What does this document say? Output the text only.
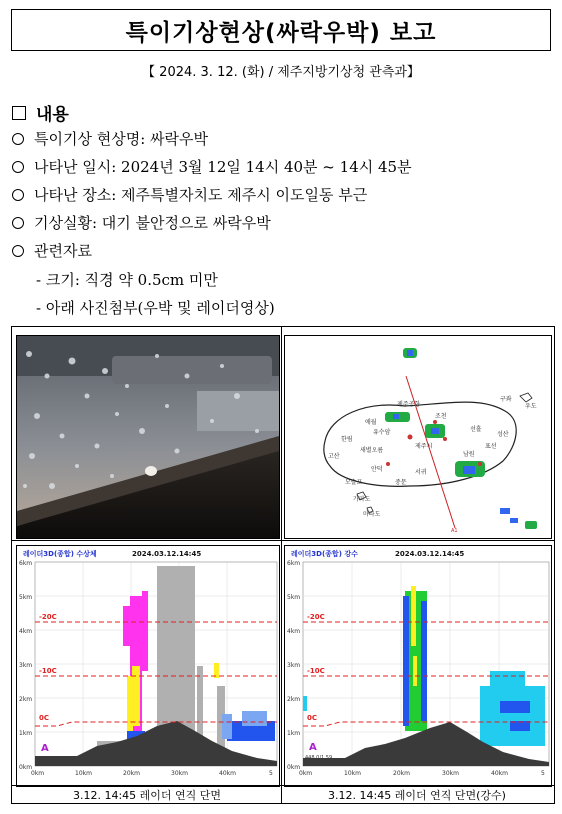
특이기상현상(싸락우박) 보고
【 2024. 3. 12. (화) / 제주지방기상청 관측과】
내용
특이기상 현상명: 싸락우박
나타난 일시: 2024년 3월 12일 14시 40분 ~ 14시 45분
나타난 장소: 제주특별자치도 제주시 이도일동 부근
기상실황: 대기 불안정으로 싸락우박
관련자료
- 크기: 직경 약 0.5cm 미만
- 아래 사진첨부(우박 및 레이더영상)
제주공항
구좌
우도
애월
유수암
조천
선흘
성산
한림
고산
새별오름
서귀
남원
모슬포
가파도
마라도
표선
안덕
제주시
중문
A1
레이더3D(종합) 수상체	2024.03.12.14:45
6km
5km
4km
3km
2km
1km
0km
-20C
-10C
0C
A
0km	10km	20km	30km	40km	5
레이더3D(종합) 강수	2024.03.12.14:45
6km
5km
4km
3km
2km
1km
0km
-20C
-10C
0C
A
448.0/1.59
0km	10km	20km	30km	40km	5
3.12. 14:45 레이더 연직 단면	3.12. 14:45 레이더 연직 단면(강수)
